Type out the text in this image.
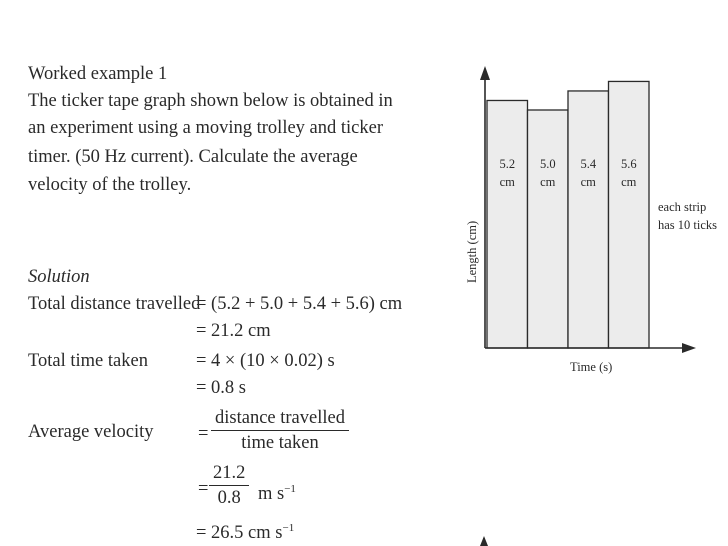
Worked example 1
The ticker tape graph shown below is obtained in
an experiment using a moving trolley and ticker
timer. (50 Hz current). Calculate the average
velocity of the trolley.
Solution
Total distance travelled
= (5.2 + 5.0 + 5.4 + 5.6) cm
= 21.2 cm
Total time taken	= 4 × (10 × 0.02) s
= 0.8 s
Average velocity =
distance travelled
time taken
= $\frac{21.2}{0.8}$ m $s^{-1}$
= 26.5 cm $s^{-1}$
5.2
cm
5.0
cm
5.4
cm
5.6
cm
Length (cm)
Time (s)
each strip
has 10 ticks
